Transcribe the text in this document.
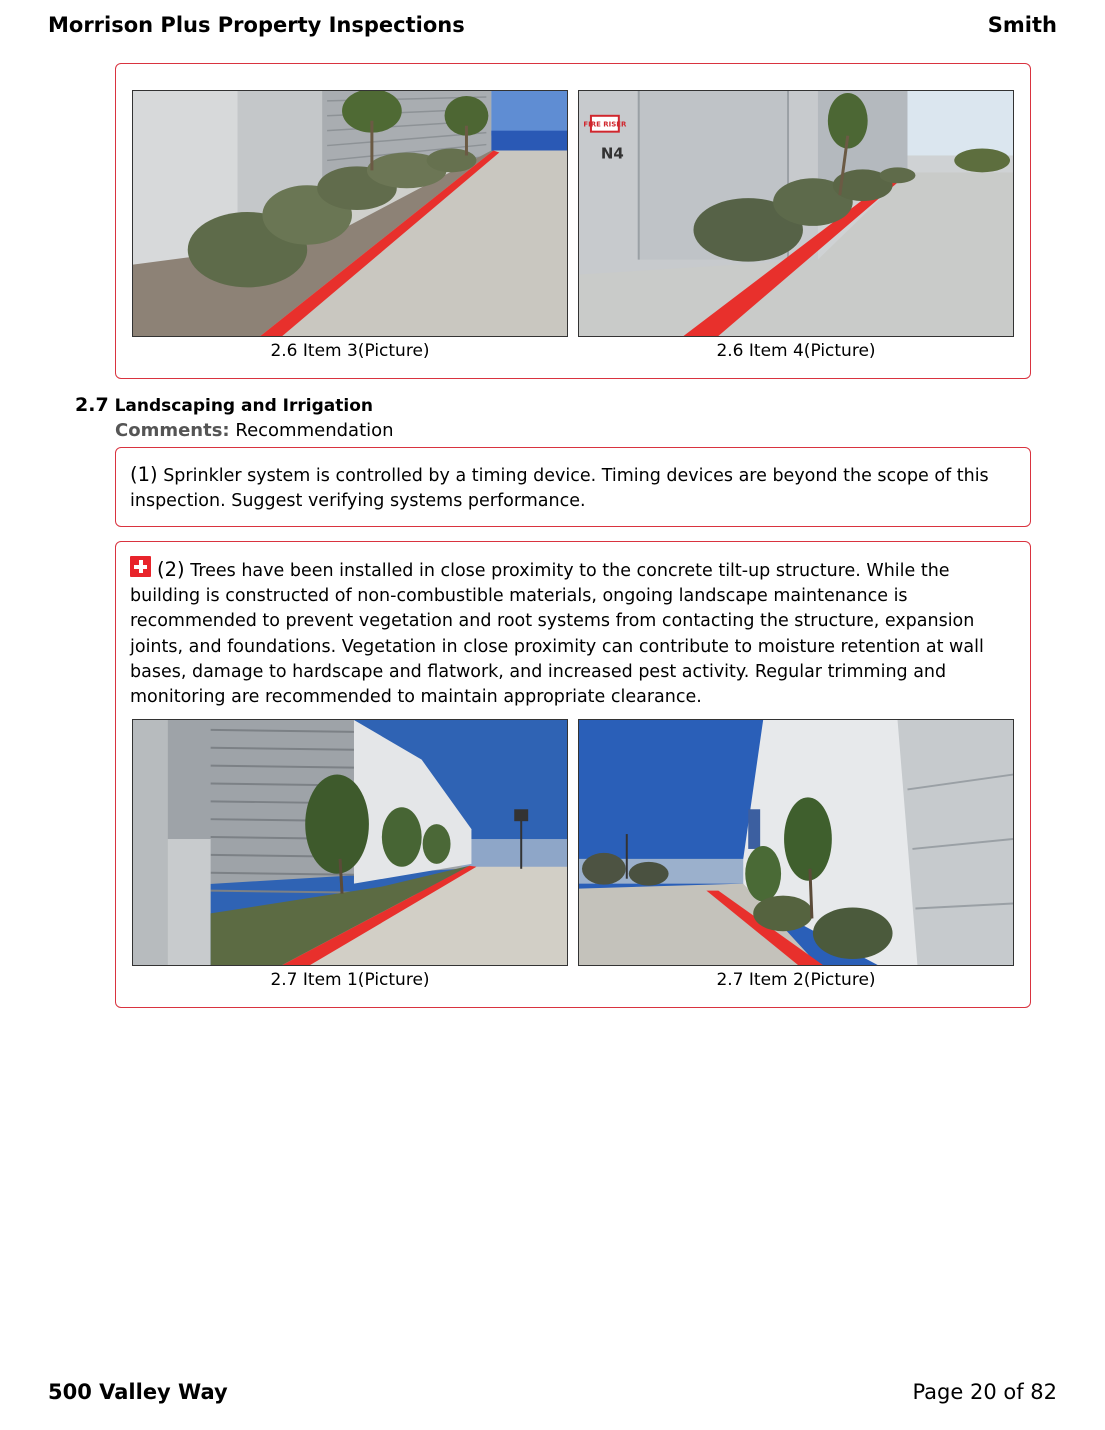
Morrison Plus Property Inspections	Smith
2.6 Item 3(Picture)
FIRE RISER
N4
2.6 Item 4(Picture)
2.7 Landscaping and Irrigation
Comments: Recommendation
(1) Sprinkler system is controlled by a timing device. Timing devices are beyond the scope of this inspection. Suggest verifying systems performance.
(2) Trees have been installed in close proximity to the concrete tilt-up structure. While the building is constructed of non-combustible materials, ongoing landscape maintenance is recommended to prevent vegetation and root systems from contacting the structure, expansion joints, and foundations. Vegetation in close proximity can contribute to moisture retention at wall bases, damage to hardscape and flatwork, and increased pest activity. Regular trimming and monitoring are recommended to maintain appropriate clearance.
2.7 Item 1(Picture)	2.7 Item 2(Picture)
500 Valley Way	Page 20 of 82
